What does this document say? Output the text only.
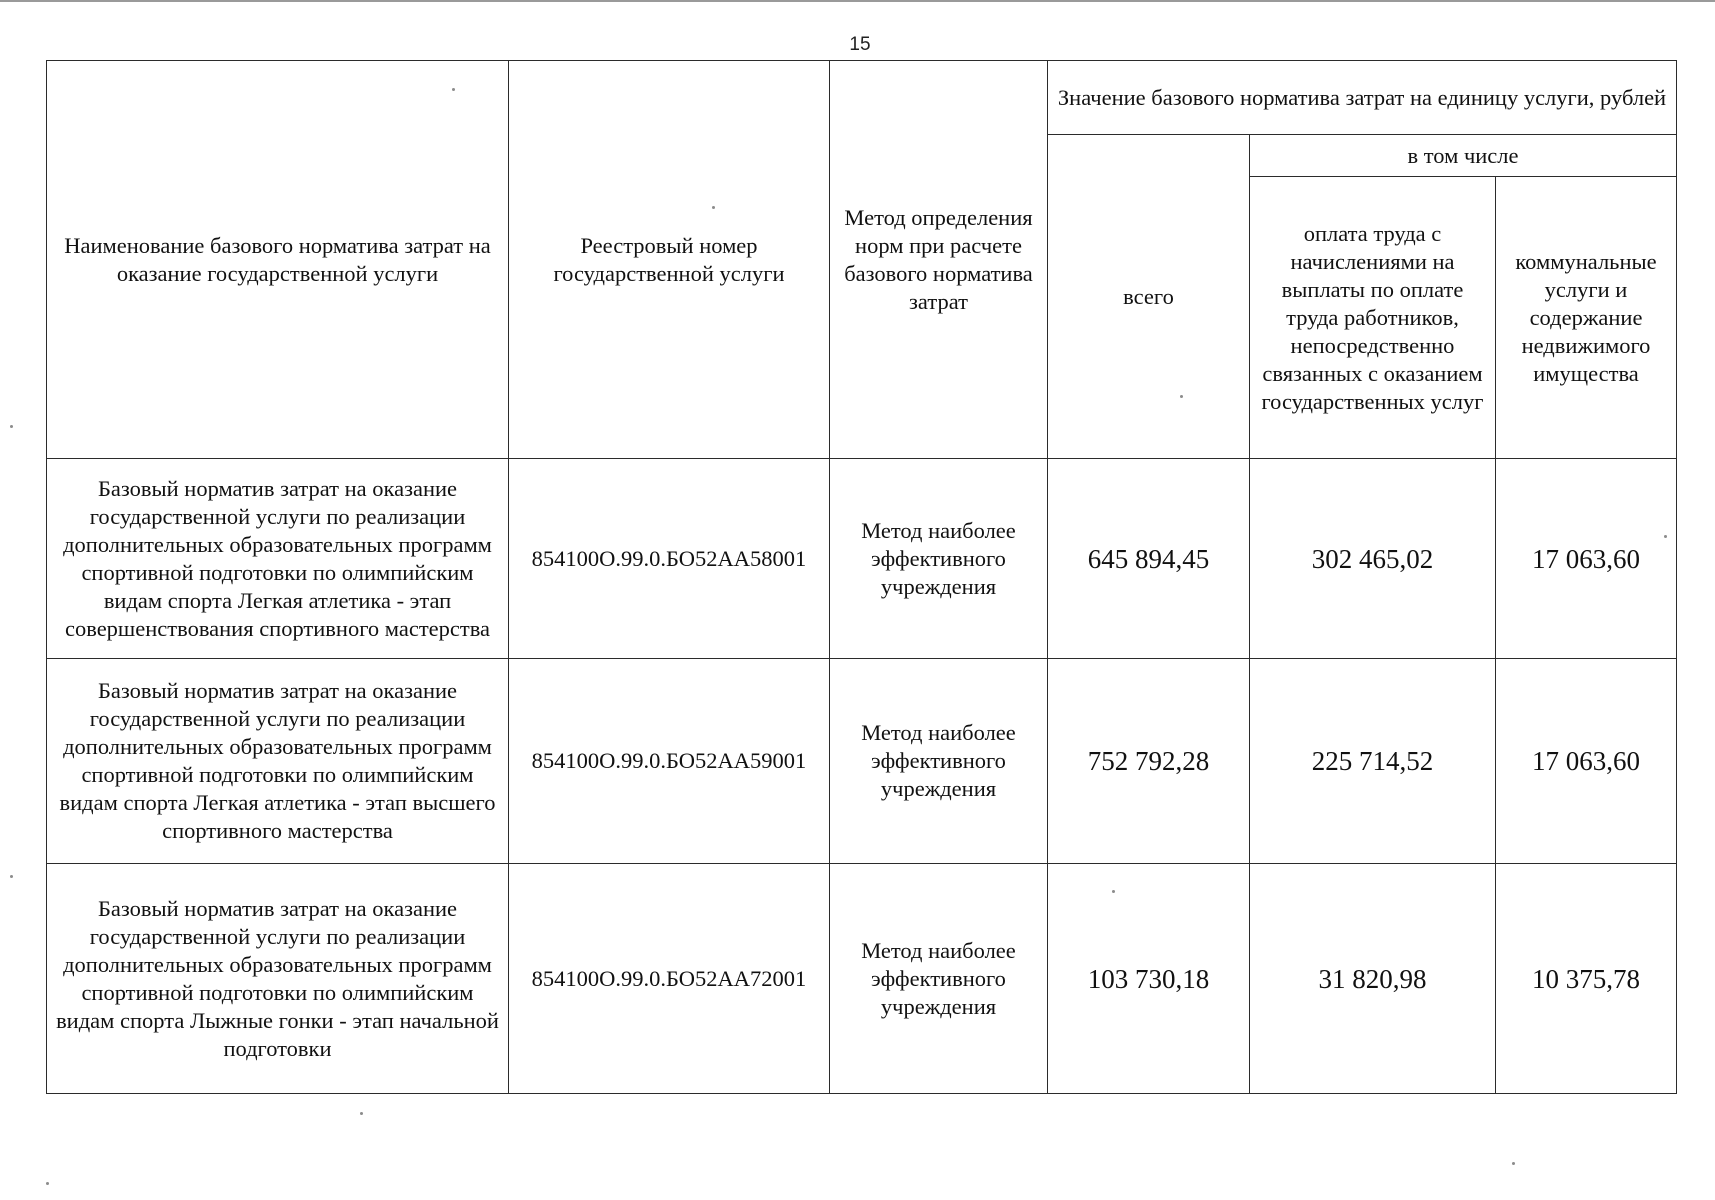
15
Наименование базового норматива затрат на оказание государственной услуги	Реестровый номер государственной услуги	Метод определения норм при расчете базового норматива затрат	Значение базового норматива затрат на единицу услуги, рублей		
			всего	в том числе	
				оплата труда с начислениями на выплаты по оплате труда работников, непосредственно связанных с оказанием государственных услуг	коммунальные услуги и содержание недвижимого имущества
Базовый норматив затрат на оказание государственной услуги по реализации дополнительных образовательных программ спортивной подготовки по олимпийским видам спорта Легкая атлетика - этап совершенствования спортивного мастерства	854100О.99.0.БО52АА58001	Метод наиболее эффективного учреждения	645 894,45	302 465,02	17 063,60
Базовый норматив затрат на оказание государственной услуги по реализации дополнительных образовательных программ спортивной подготовки по олимпийским видам спорта Легкая атлетика - этап высшего спортивного мастерства	854100О.99.0.БО52АА59001	Метод наиболее эффективного учреждения	752 792,28	225 714,52	17 063,60
Базовый норматив затрат на оказание государственной услуги по реализации дополнительных образовательных программ спортивной подготовки по олимпийским видам спорта Лыжные гонки - этап начальной подготовки	854100О.99.0.БО52АА72001	Метод наиболее эффективного учреждения	103 730,18	31 820,98	10 375,78
